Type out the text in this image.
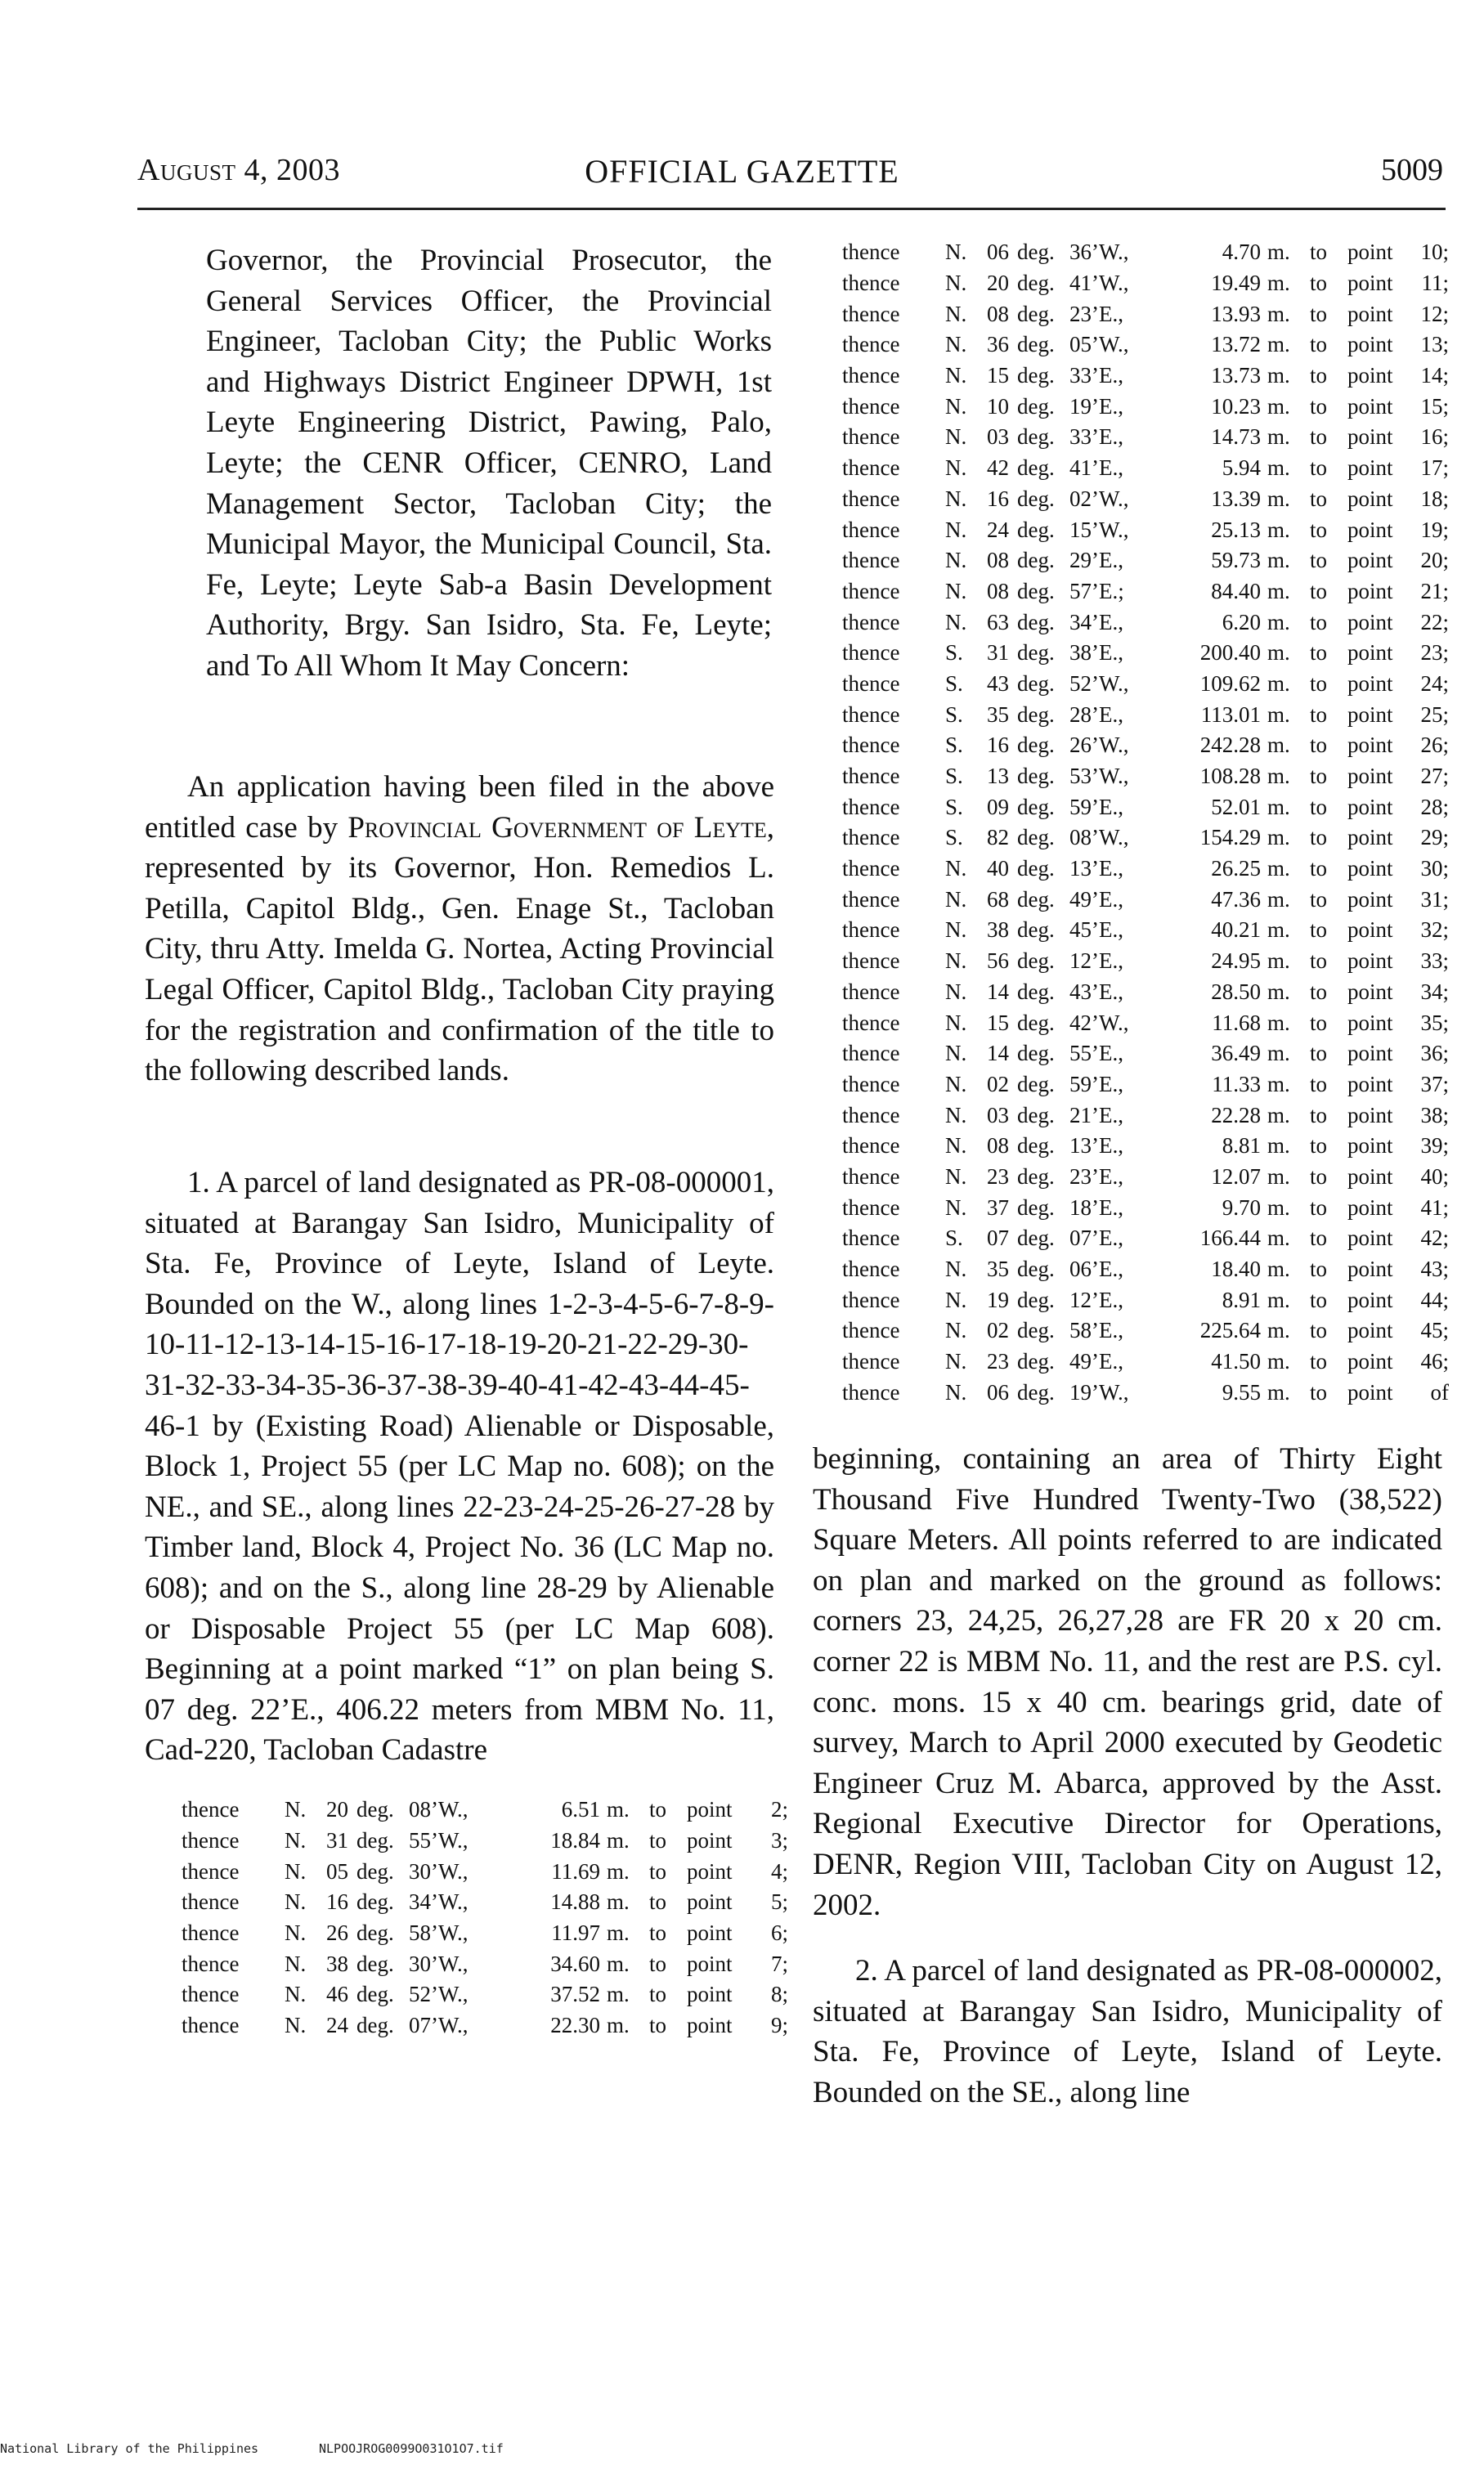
August 4, 2003	OFFICIAL GAZETTE	5009

Governor, the Provincial Prosecutor, the General Services Officer, the Provincial Engineer, Tacloban City; the Public Works and Highways District Engineer DPWH, 1st Leyte Engineering District, Pawing, Palo, Leyte; the CENR Officer, CENRO, Land Management Sector, Tacloban City; the Municipal Mayor, the Municipal Council, Sta. Fe, Leyte; Leyte Sab-a Basin Development Authority, Brgy. San Isidro, Sta. Fe, Leyte; and To All Whom It May Concern:

An application having been filed in the above entitled case by Provincial Government of Leyte, represented by its Governor, Hon. Remedios L. Petilla, Capitol Bldg., Gen. Enage St., Tacloban City, thru Atty. Imelda G. Nortea, Acting Provincial Legal Officer, Capitol Bldg., Tacloban City praying for the registration and confirmation of the title to the following described lands.

1. A parcel of land designated as PR-08-000001, situated at Barangay San Isidro, Municipality of Sta. Fe, Province of Leyte, Island of Leyte. Bounded on the W., along lines 1-2-3-4-5-6-7-8-9-10-11-12-13-14-15-16-17-18-19-20-21-22-29-30-31-32-33-34-35-36-37-38-39-40-41-42-43-44-45-46-1 by (Existing Road) Alienable or Disposable, Block 1, Project 55 (per LC Map no. 608); on the NE., and SE., along lines 22-23-24-25-26-27-28 by Timber land, Block 4, Project No. 36 (LC Map no. 608); and on the S., along line 28-29 by Alienable or Disposable Project 55 (per LC Map 608). Beginning at a point marked “1” on plan being S. 07 deg. 22’E., 406.22 meters from MBM No. 11, Cad-220, Tacloban Cadastre

thence	N.	06	deg.	36’W.,	4.70	m.	to	point	10;
thence	N.	20	deg.	41’W.,	19.49	m.	to	point	11;
thence	N.	08	deg.	23’E.,	13.93	m.	to	point	12;
thence	N.	36	deg.	05’W.,	13.72	m.	to	point	13;
thence	N.	15	deg.	33’E.,	13.73	m.	to	point	14;
thence	N.	10	deg.	19’E.,	10.23	m.	to	point	15;
thence	N.	03	deg.	33’E.,	14.73	m.	to	point	16;
thence	N.	42	deg.	41’E.,	5.94	m.	to	point	17;
thence	N.	16	deg.	02’W.,	13.39	m.	to	point	18;
thence	N.	24	deg.	15’W.,	25.13	m.	to	point	19;
thence	N.	08	deg.	29’E.,	59.73	m.	to	point	20;
thence	N.	08	deg.	57’E.;	84.40	m.	to	point	21;
thence	N.	63	deg.	34’E.,	6.20	m.	to	point	22;
thence	S.	31	deg.	38’E.,	200.40	m.	to	point	23;
thence	S.	43	deg.	52’W.,	109.62	m.	to	point	24;
thence	S.	35	deg.	28’E.,	113.01	m.	to	point	25;
thence	S.	16	deg.	26’W.,	242.28	m.	to	point	26;
thence	S.	13	deg.	53’W.,	108.28	m.	to	point	27;
thence	S.	09	deg.	59’E.,	52.01	m.	to	point	28;
thence	S.	82	deg.	08’W.,	154.29	m.	to	point	29;
thence	N.	40	deg.	13’E.,	26.25	m.	to	point	30;
thence	N.	68	deg.	49’E.,	47.36	m.	to	point	31;
thence	N.	38	deg.	45’E.,	40.21	m.	to	point	32;
thence	N.	56	deg.	12’E.,	24.95	m.	to	point	33;
thence	N.	14	deg.	43’E.,	28.50	m.	to	point	34;
thence	N.	15	deg.	42’W.,	11.68	m.	to	point	35;
thence	N.	14	deg.	55’E.,	36.49	m.	to	point	36;
thence	N.	02	deg.	59’E.,	11.33	m.	to	point	37;
thence	N.	03	deg.	21’E.,	22.28	m.	to	point	38;
thence	N.	08	deg.	13’E.,	8.81	m.	to	point	39;
thence	N.	23	deg.	23’E.,	12.07	m.	to	point	40;
thence	N.	37	deg.	18’E.,	9.70	m.	to	point	41;
thence	S.	07	deg.	07’E.,	166.44	m.	to	point	42;
thence	N.	35	deg.	06’E.,	18.40	m.	to	point	43;
thence	N.	19	deg.	12’E.,	8.91	m.	to	point	44;
thence	N.	02	deg.	58’E.,	225.64	m.	to	point	45;
thence	N.	23	deg.	49’E.,	41.50	m.	to	point	46;
thence	N.	06	deg.	19’W.,	9.55	m.	to	point	of
thence	N.	20	deg.	08’W.,	6.51	m.	to	point	2;
thence	N.	31	deg.	55’W.,	18.84	m.	to	point	3;
thence	N.	05	deg.	30’W.,	11.69	m.	to	point	4;
thence	N.	16	deg.	34’W.,	14.88	m.	to	point	5;
thence	N.	26	deg.	58’W.,	11.97	m.	to	point	6;
thence	N.	38	deg.	30’W.,	34.60	m.	to	point	7;
thence	N.	46	deg.	52’W.,	37.52	m.	to	point	8;
thence	N.	24	deg.	07’W.,	22.30	m.	to	point	9;

beginning, containing an area of Thirty Eight Thousand Five Hundred Twenty-Two (38,522) Square Meters. All points referred to are indicated on plan and marked on the ground as follows: corners 23, 24,25, 26,27,28 are FR 20 x 20 cm. corner 22 is MBM No. 11, and the rest are P.S. cyl. conc. mons. 15 x 40 cm. bearings grid, date of survey, March to April 2000 executed by Geodetic Engineer Cruz M. Abarca, approved by the Asst. Regional Executive Director for Operations, DENR, Region VIII, Tacloban City on August 12, 2002.

2. A parcel of land designated as PR-08-000002, situated at Barangay San Isidro, Municipality of Sta. Fe, Province of Leyte, Island of Leyte. Bounded on the SE., along line

National Library of the Philippines	NLPOOJROG0099O031O1O7.tif
